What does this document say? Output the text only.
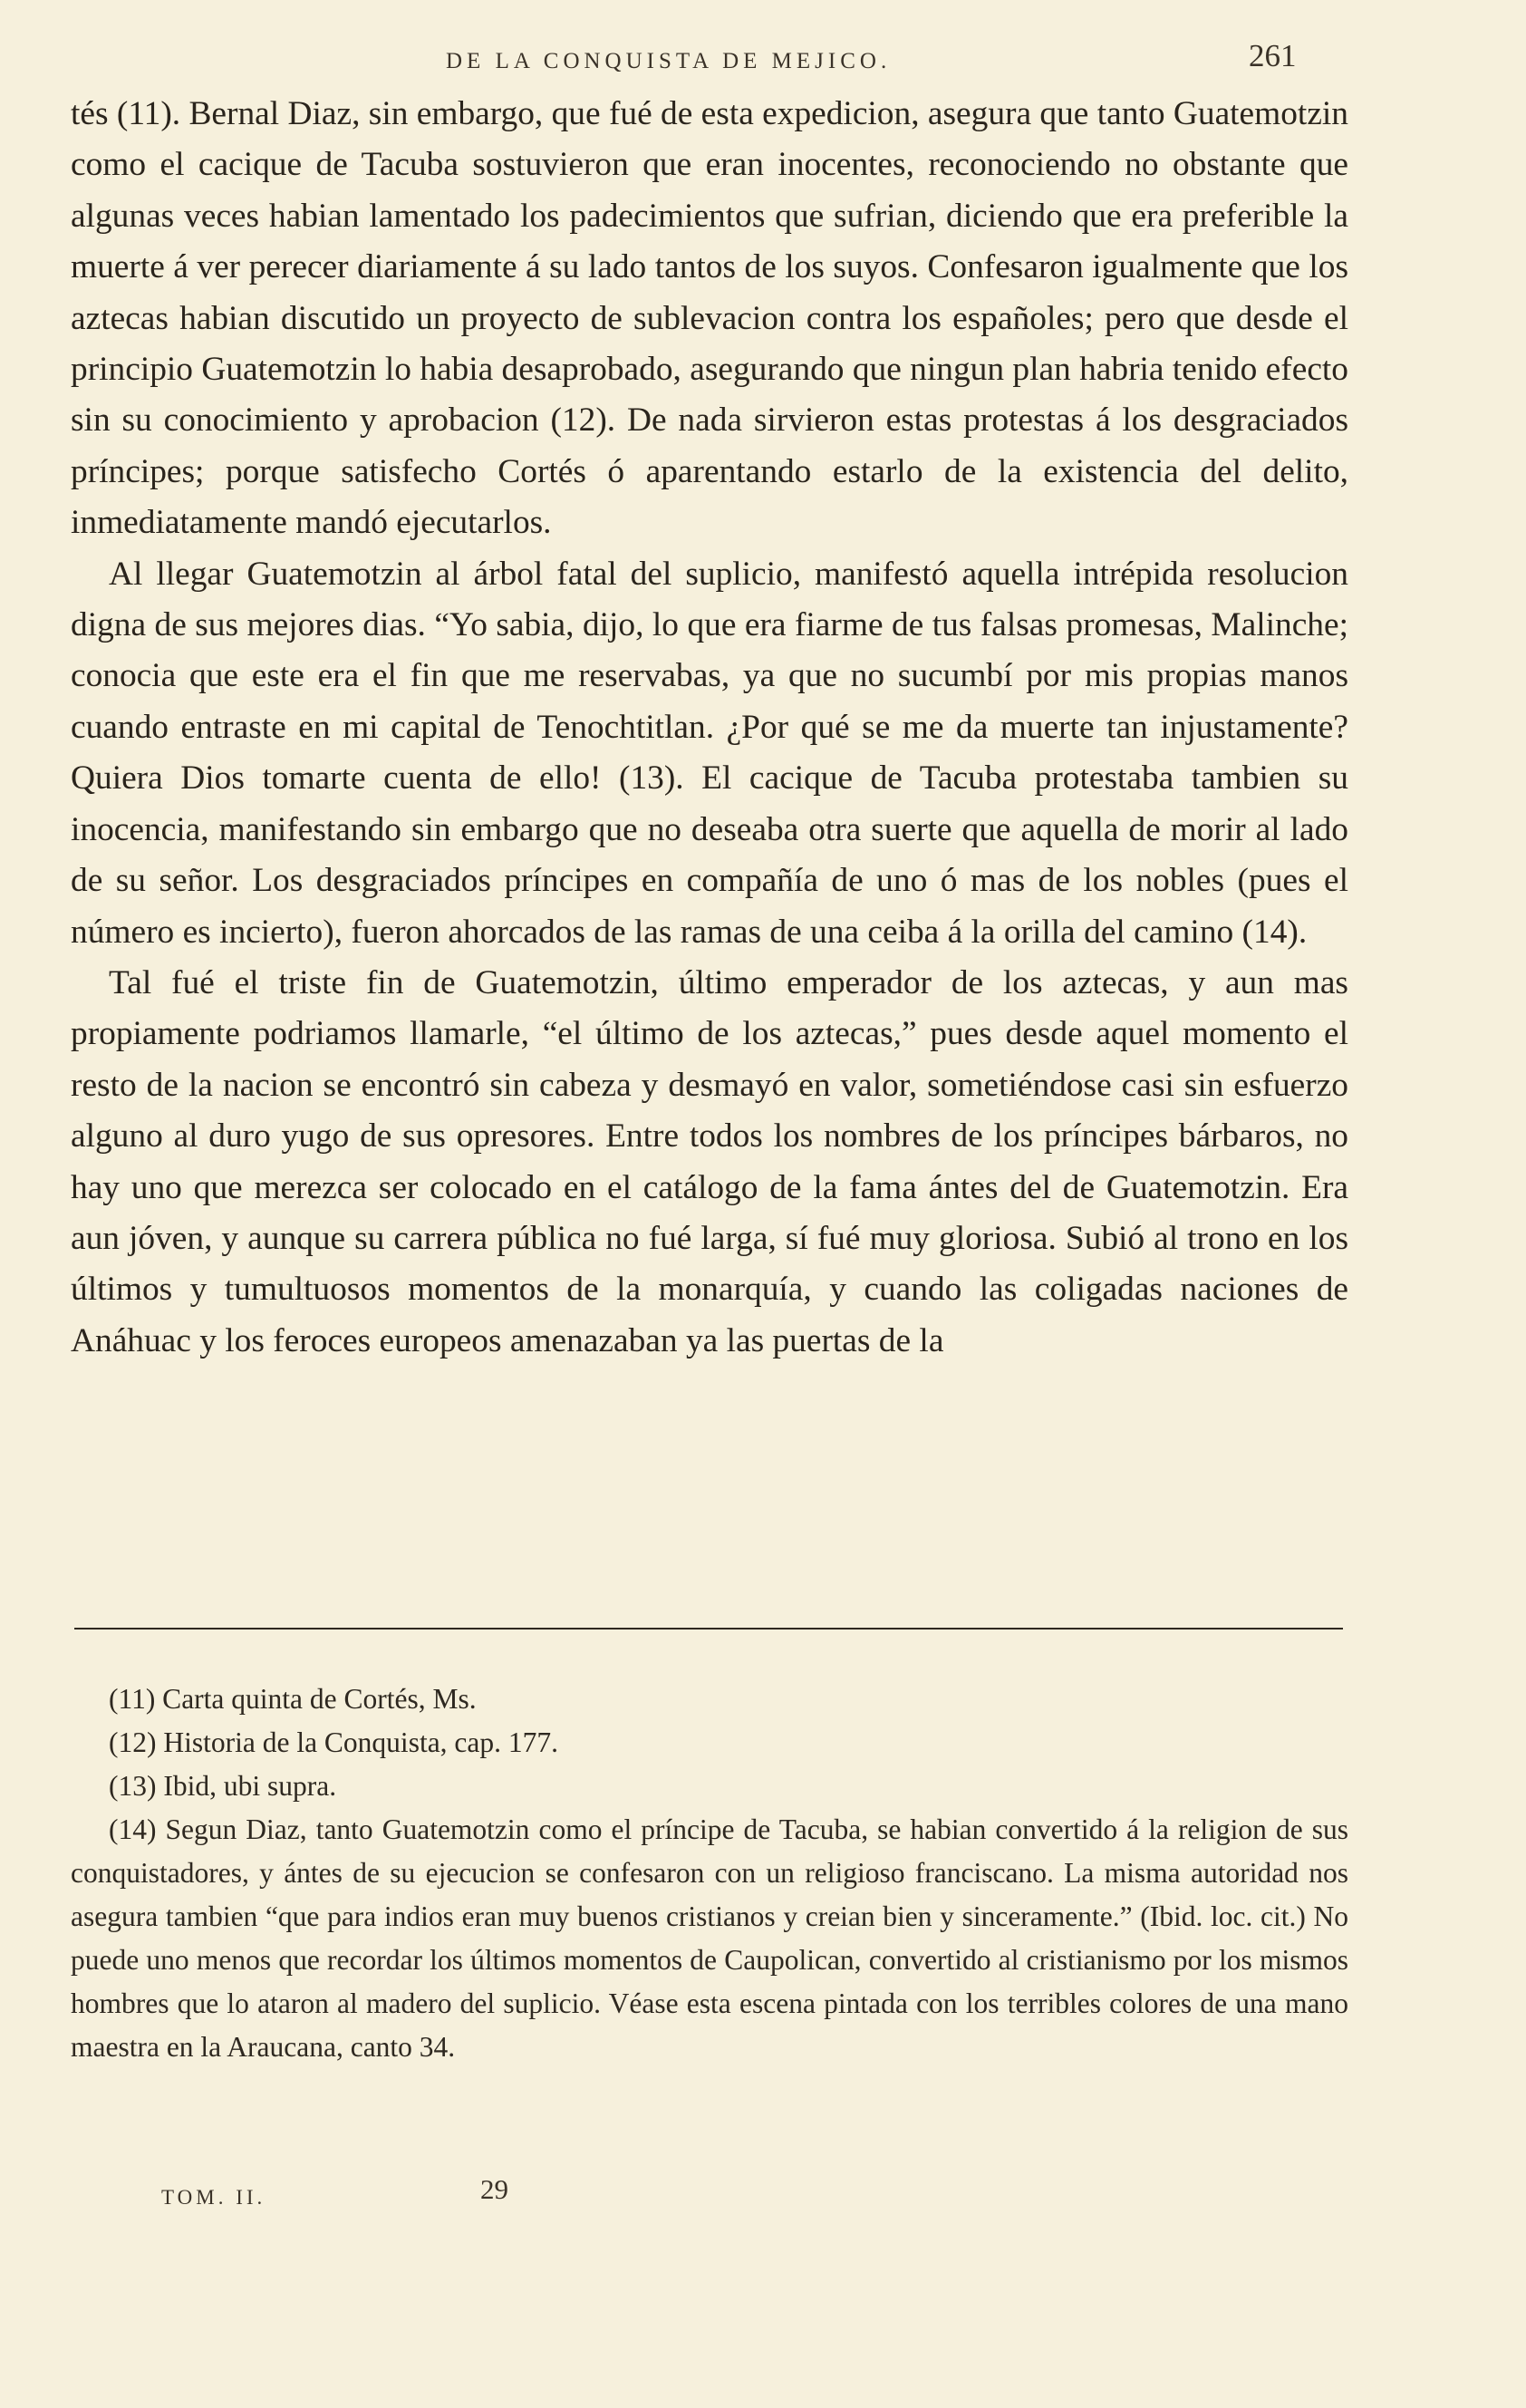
DE LA CONQUISTA DE MEJICO.	261

tés (11). Bernal Diaz, sin embargo, que fué de esta expedicion, asegura que tanto Guatemotzin como el cacique de Tacuba sostuvieron que eran inocentes, reconociendo no obstante que algunas veces habian lamentado los padecimientos que sufrian, diciendo que era preferible la muerte á ver perecer diariamente á su lado tantos de los suyos. Confesaron igualmente que los aztecas habian discutido un proyecto de sublevacion contra los españoles; pero que desde el principio Guatemotzin lo habia desaprobado, asegurando que ningun plan habria tenido efecto sin su conocimiento y aprobacion (12). De nada sirvieron estas protestas á los desgraciados príncipes; porque satisfecho Cortés ó aparentando estarlo de la existencia del delito, inmediatamente mandó ejecutarlos.

Al llegar Guatemotzin al árbol fatal del suplicio, manifestó aquella intrépida resolucion digna de sus mejores dias. “Yo sabia, dijo, lo que era fiarme de tus falsas promesas, Malinche; conocia que este era el fin que me reservabas, ya que no sucumbí por mis propias manos cuando entraste en mi capital de Tenochtitlan. ¿Por qué se me da muerte tan injustamente? Quiera Dios tomarte cuenta de ello! (13). El cacique de Tacuba protestaba tambien su inocencia, manifestando sin embargo que no deseaba otra suerte que aquella de morir al lado de su señor. Los desgraciados príncipes en compañía de uno ó mas de los nobles (pues el número es incierto), fueron ahorcados de las ramas de una ceiba á la orilla del camino (14).

Tal fué el triste fin de Guatemotzin, último emperador de los aztecas, y aun mas propiamente podriamos llamarle, “el último de los aztecas,” pues desde aquel momento el resto de la nacion se encontró sin cabeza y desmayó en valor, sometiéndose casi sin esfuerzo alguno al duro yugo de sus opresores. Entre todos los nombres de los príncipes bárbaros, no hay uno que merezca ser colocado en el catálogo de la fama ántes del de Guatemotzin. Era aun jóven, y aunque su carrera pública no fué larga, sí fué muy gloriosa. Subió al trono en los últimos y tumultuosos momentos de la monarquía, y cuando las coligadas naciones de Anáhuac y los feroces europeos amenazaban ya las puertas de la

(11) Carta quinta de Cortés, Ms.

(12) Historia de la Conquista, cap. 177.

(13) Ibid, ubi supra.

(14) Segun Diaz, tanto Guatemotzin como el príncipe de Tacuba, se habian convertido á la religion de sus conquistadores, y ántes de su ejecucion se confesaron con un religioso franciscano. La misma autoridad nos asegura tambien “que para indios eran muy buenos cristianos y creian bien y sinceramente.” (Ibid. loc. cit.) No puede uno menos que recordar los últimos momentos de Caupolican, convertido al cristianismo por los mismos hombres que lo ataron al madero del suplicio. Véase esta escena pintada con los terribles colores de una mano maestra en la Araucana, canto 34.

TOM. II.	29
